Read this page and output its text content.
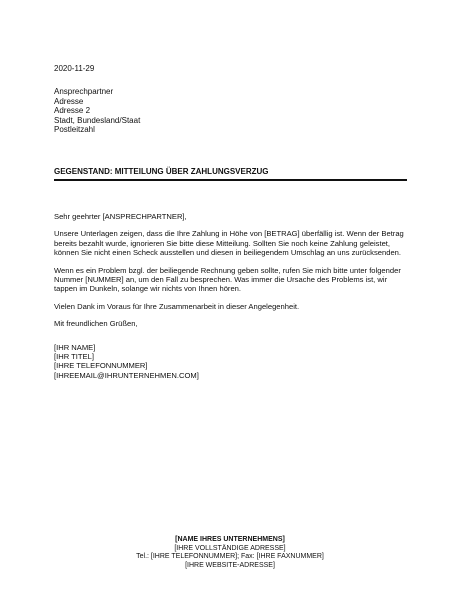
2020-11-29
Ansprechpartner
Adresse
Adresse 2
Stadt, Bundesland/Staat
Postleitzahl
GEGENSTAND: MITTEILUNG ÜBER ZAHLUNGSVERZUG

Sehr geehrter [ANSPRECHPARTNER],

Unsere Unterlagen zeigen, dass die Ihre Zahlung in Höhe von [BETRAG] überfällig ist. Wenn der Betrag bereits bezahlt wurde, ignorieren Sie bitte diese Mitteilung. Sollten Sie noch keine Zahlung geleistet, können Sie nicht einen Scheck ausstellen und diesen in beiliegendem Umschlag an uns zurücksenden.

Wenn es ein Problem bzgl. der beiliegende Rechnung geben sollte, rufen Sie mich bitte unter folgender Nummer [NUMMER] an, um den Fall zu besprechen. Was immer die Ursache des Problems ist, wir tappen im Dunkeln, solange wir nichts von Ihnen hören.

Vielen Dank im Voraus für Ihre Zusammenarbeit in dieser Angelegenheit.

Mit freundlichen Grüßen,

[IHR NAME]
[IHR TITEL]
[IHRE TELEFONNUMMER]
[IHREEMAIL@IHRUNTERNEHMEN.COM]
[NAME IHRES UNTERNEHMENS]
[IHRE VOLLSTÄNDIGE ADRESSE]
Tel.: [IHRE TELEFONNUMMER]; Fax: [IHRE FAXNUMMER]
[IHRE WEBSITE-ADRESSE]
